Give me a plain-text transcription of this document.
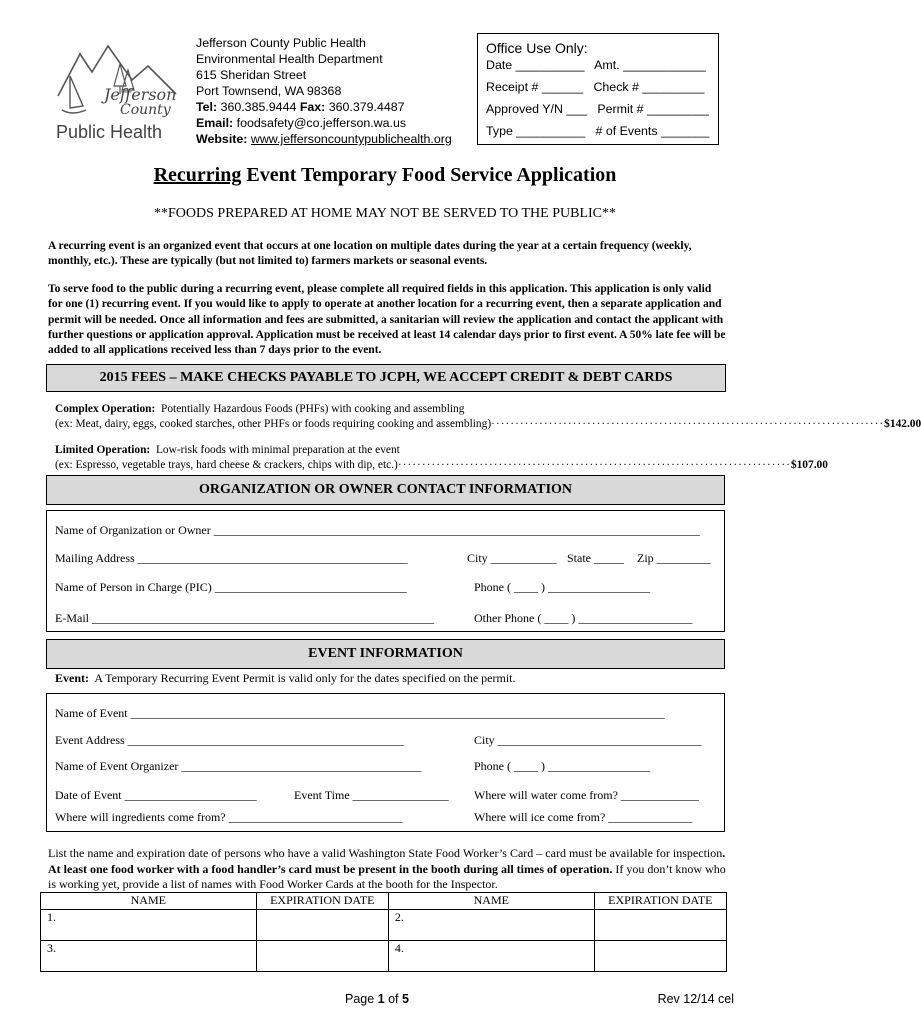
Jefferson
County
Public Health
Jefferson County Public Health
Environmental Health Department
615 Sheridan Street
Port Townsend, WA 98368
Tel: 360.385.9444 Fax: 360.379.4487
Email: foodsafety@co.jefferson.wa.us
Website: www.jeffersoncountypublichealth.org
Office Use Only:
Date __________   Amt. ____________
Receipt # ______   Check # _________
Approved Y/N ___   Permit # _________
Type __________   # of Events _______
Recurring Event Temporary Food Service Application
**FOODS PREPARED AT HOME MAY NOT BE SERVED TO THE PUBLIC**
A recurring event is an organized event that occurs at one location on multiple dates during the year at a certain frequency (weekly, monthly, etc.). These are typically (but not limited to) farmers markets or seasonal events.
To serve food to the public during a recurring event, please complete all required fields in this application. This application is only valid for one (1) recurring event. If you would like to apply to operate at another location for a recurring event, then a separate application and permit will be needed. Once all information and fees are submitted, a sanitarian will review the application and contact the applicant with further questions or application approval. Application must be received at least 14 calendar days prior to first event. A 50% late fee will be added to all applications received less than 7 days prior to the event.
2015 FEES – MAKE CHECKS PAYABLE TO JCPH, WE ACCEPT CREDIT & DEBT CARDS
Complex Operation: Potentially Hazardous Foods (PHFs) with cooking and assembling
(ex: Meat, dairy, eggs, cooked starches, other PHFs or foods requiring cooking and assembling) ·················································································· $142.00
Limited Operation: Low-risk foods with minimal preparation at the event
(ex: Espresso, vegetable trays, hard cheese & crackers, chips with dip, etc.) ·················································································· $107.00
ORGANIZATION OR OWNER CONTACT INFORMATION
Name of Organization or Owner _________________________________________________________________________________
Mailing Address _____________________________________________	City ___________ State _____ Zip _________
Name of Person in Charge (PIC) ________________________________	Phone ( ____ ) _________________
E-Mail _________________________________________________________	Other Phone ( ____ ) ___________________
EVENT INFORMATION
Event: A Temporary Recurring Event Permit is valid only for the dates specified on the permit.
Name of Event _________________________________________________________________________________________
Event Address ______________________________________________	City __________________________________
Name of Event Organizer ________________________________________	Phone ( ____ ) _________________
Date of Event ______________________	Event Time ________________ Where will water come from? _____________
Where will ingredients come from? _____________________________	Where will ice come from? ______________
List the name and expiration date of persons who have a valid Washington State Food Worker’s Card – card must be available for inspection. At least one food worker with a food handler’s card must be present in the booth during all times of operation. If you don’t know who is working yet, provide a list of names with Food Worker Cards at the booth for the Inspector.
NAME	EXPIRATION DATE	NAME	EXPIRATION DATE
1.		2.	
3.		4.	
Page 1 of 5	Rev 12/14 cel
